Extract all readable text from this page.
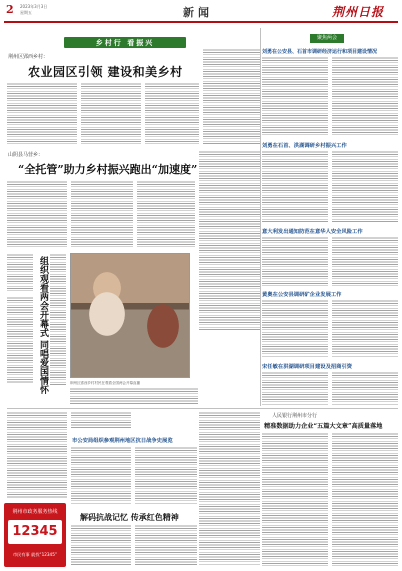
2 2023年3月3日
星期五	新闻	荆州日报
乡村行 看振兴
荆州区郢西乡村：
农业园区引领 建设和美乡村
山阴县马营乡：
“全托管”助力乡村振兴跑出“加速度”
组织观看两会开幕式 同唱爱国情怀	荆州区郢西乡村村民在观看全国两会开幕直播
聚焦两会
刘勇在公安县、石首市调研经济运行和项目建设情况
刘勇在石首、洪湖调研乡村振兴工作
意大利发出通知防范在意华人安全风险工作
黄奥在公安县调研矿企业发展工作
宋任敏在洪湖调研项目建设及招商引资
市公安局组织参观荆州地区抗日战争史展览
解码抗战记忆 传承红色精神
人民银行荆州市分行
精准数据助力企业“五篇大文章”高质量落地
荆州市政务服务热线
12345
市民有事 就找“12345”
